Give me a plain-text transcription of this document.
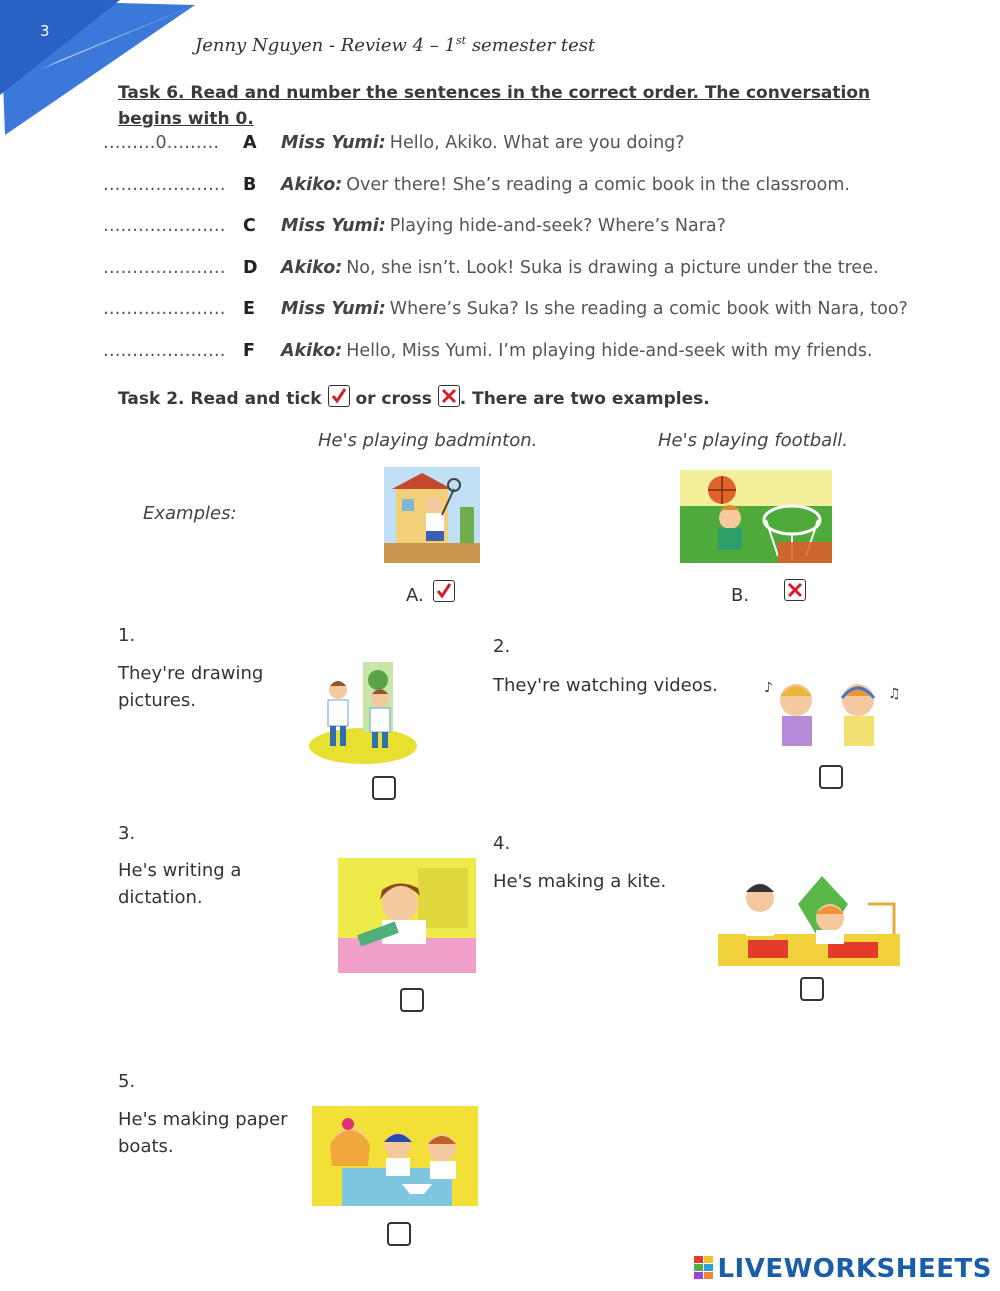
3
Jenny Nguyen - Review 4 – 1st semester test
Task 6. Read and number the sentences in the correct order. The conversation begins with 0.
………0……… A Miss Yumi: Hello, Akiko. What are you doing?
………………… B Akiko: Over there! She’s reading a comic book in the classroom.
………………… C Miss Yumi: Playing hide-and-seek? Where’s Nara?
………………… D Akiko: No, she isn’t. Look! Suka is drawing a picture under the tree.
………………… E Miss Yumi: Where’s Suka? Is she reading a comic book with Nara, too?
………………… F Akiko: Hello, Miss Yumi. I’m playing hide-and-seek with my friends.
Task 2. Read and tick or cross . There are two examples.
He's playing badminton.	He's playing football.
Examples:
A.
	B.
1.
They're drawing pictures.
2.
They're watching videos.	♪	♫
3.
He's writing a dictation.
4.
He's making a kite.
5.
He's making paper boats.
LIVEWORKSHEETS
